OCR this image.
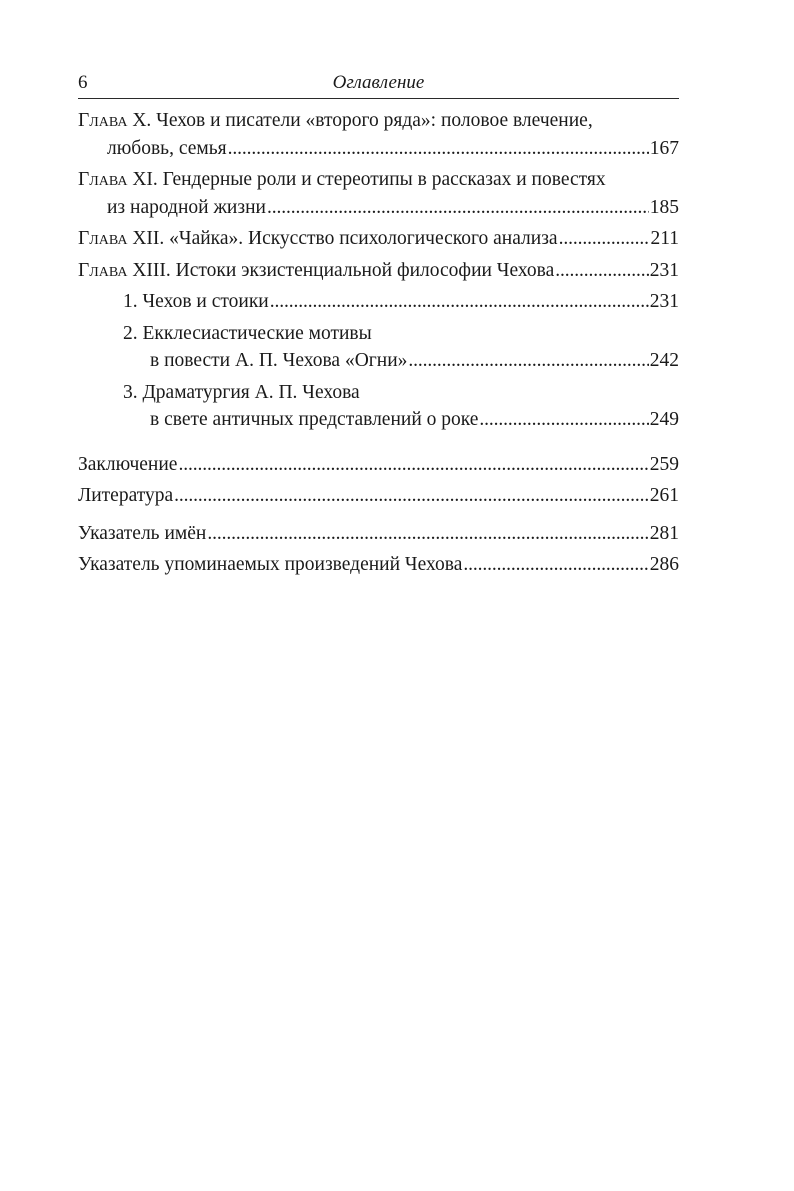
6	Оглавление
Глава X. Чехов и писатели «второго ряда»: половое влечение,
любовь, семья . . .	167
Глава XI. Гендерные роли и стереотипы в рассказах и повестях
из народной жизни . . .	185
Глава XII. «Чайка». Искусство психологического анализа . . .	211
Глава XIII. Истоки экзистенциальной философии Чехова . . .	231
1. Чехов и стоики . . .	231
2. Екклесиастические мотивы
в повести А. П. Чехова «Огни» . . .	242
3. Драматургия А. П. Чехова
в свете античных представлений о роке . . .	249
Заключение . . .	259
Литература . . .	261
Указатель имён . . .	281
Указатель упоминаемых произведений Чехова . . .	286
